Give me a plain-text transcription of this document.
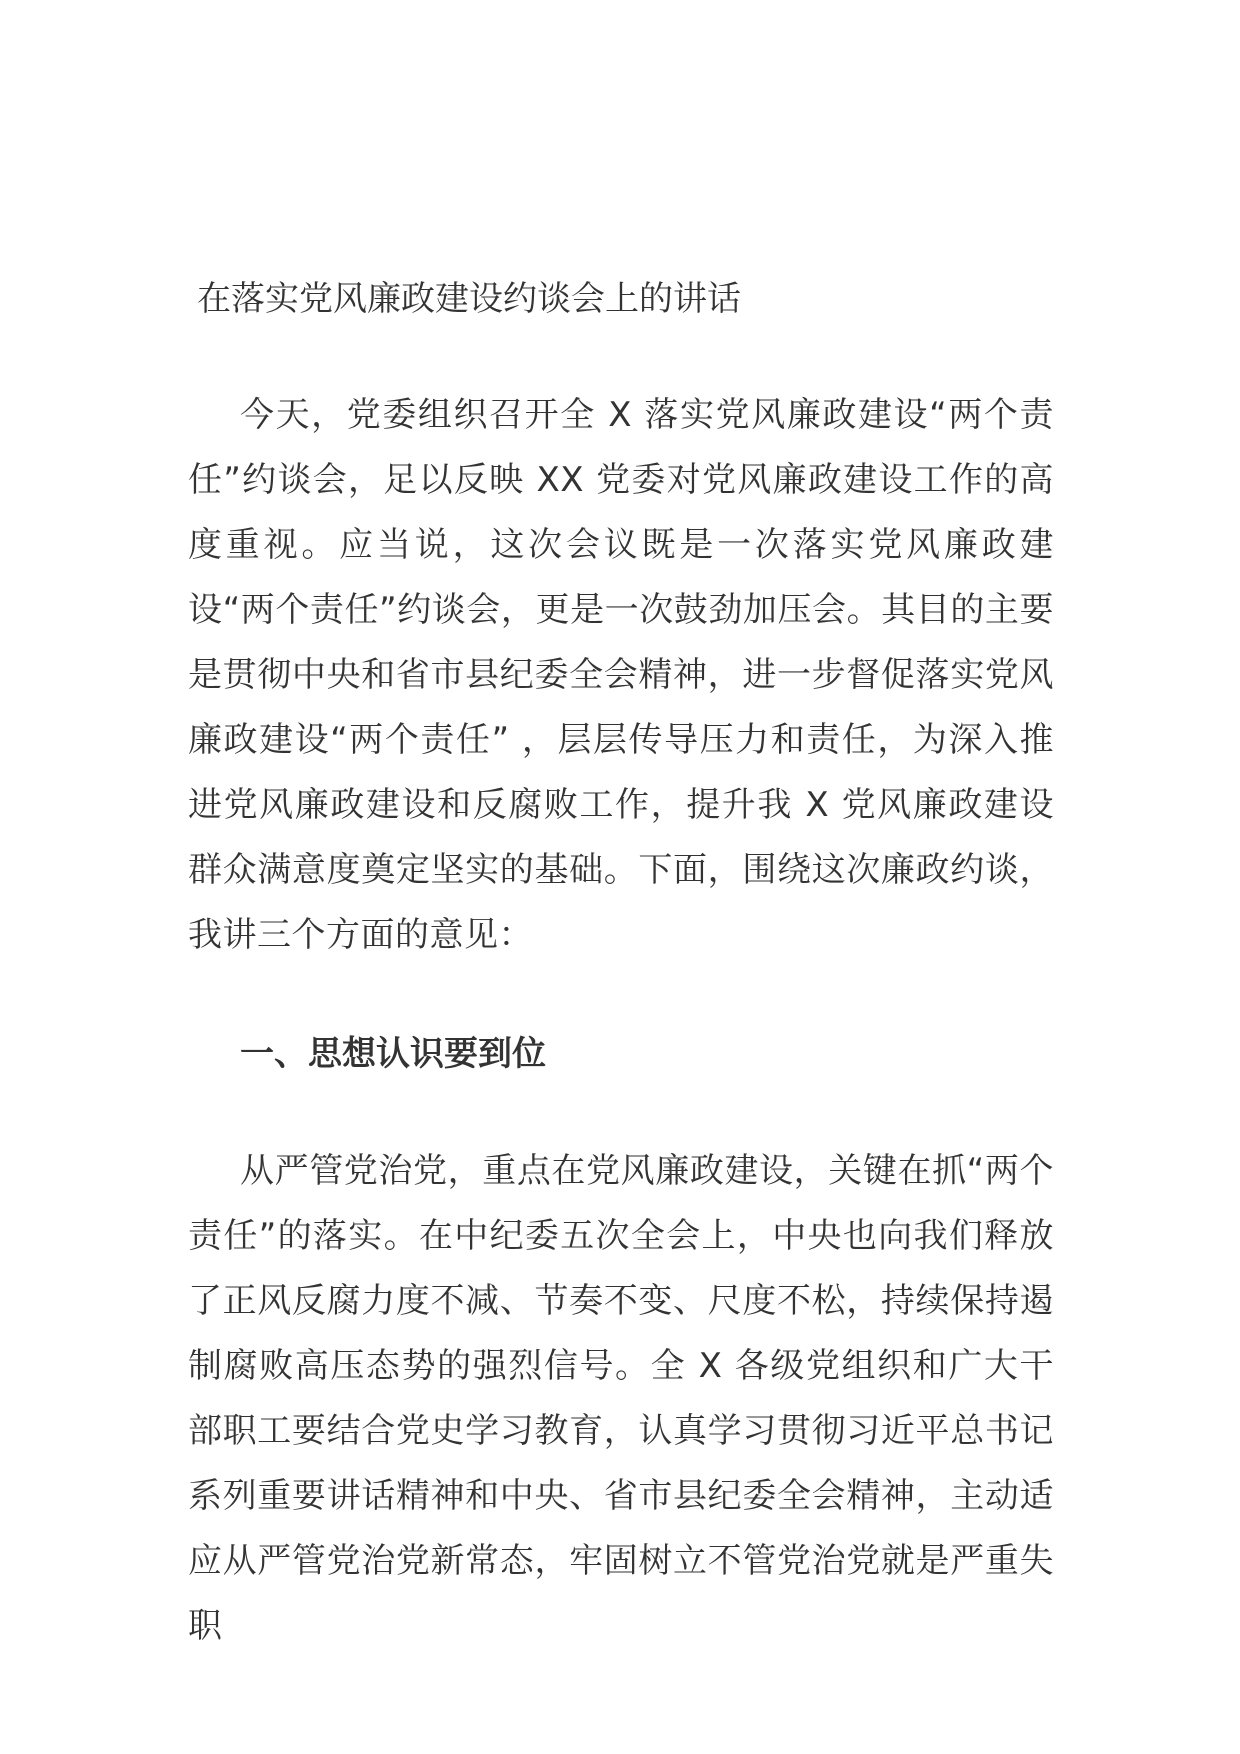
在落实党风廉政建设约谈会上的讲话

今天，党委组织召开全 X 落实党风廉政建设“两个责任”约谈会，足以反映 XX 党委对党风廉政建设工作的高度重视。应当说，这次会议既是一次落实党风廉政建设“两个责任”约谈会，更是一次鼓劲加压会。其目的主要是贯彻中央和省市县纪委全会精神，进一步督促落实党风廉政建设“两个责任” ，层层传导压力和责任，为深入推进党风廉政建设和反腐败工作，提升我 X 党风廉政建设群众满意度奠定坚实的基础。下面，围绕这次廉政约谈，我讲三个方面的意见：

一、思想认识要到位

从严管党治党，重点在党风廉政建设，关键在抓“两个责任”的落实。在中纪委五次全会上，中央也向我们释放了正风反腐力度不减、节奏不变、尺度不松，持续保持遏制腐败高压态势的强烈信号。全 X 各级党组织和广大干部职工要结合党史学习教育，认真学习贯彻习近平总书记系列重要讲话精神和中央、省市县纪委全会精神，主动适应从严管党治党新常态，牢固树立不管党治党就是严重失职
